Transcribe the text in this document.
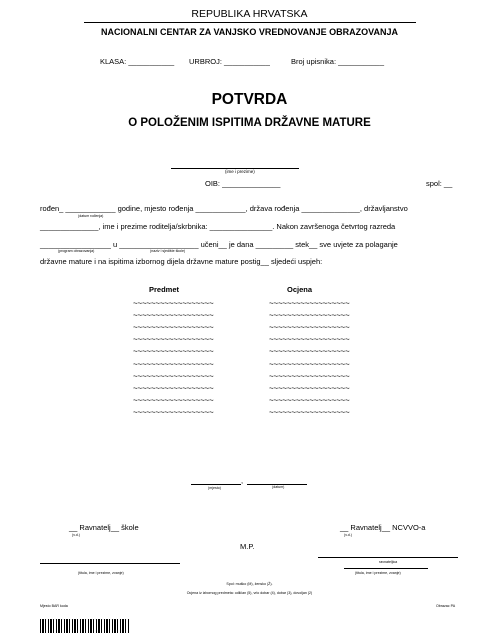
REPUBLIKA HRVATSKA
NACIONALNI CENTAR ZA VANJSKO VREDNOVANJE OBRAZOVANJA
KLASA: ___________ URBROJ: ___________	Broj upisnika: ___________
POTVRDA
O POLOŽENIM ISPITIMA DRŽAVNE MATURE
(ime i prezime)
OIB: ______________	spol: __
rođen_ ____________ godine, mjesto rođenja ____________, država rođenja ______________, državljanstvo
(datum rođenja)
______________, ime i prezime roditelja/skrbnika: _______________. Nakon završenoga četvrtog razreda
_________________ u ___________________ učeni__ je dana _________ stek__ sve uvjete za polaganje
(program obrazovanja)	(naziv i sjedište škole)
državne mature i na ispitima izbornog dijela državne mature postig__ sljedeći uspjeh:
Predmet	Ocjena
~~~~~~~~~~~~~~~~~~	~~~~~~~~~~~~~~~~~~
~~~~~~~~~~~~~~~~~~	~~~~~~~~~~~~~~~~~~
~~~~~~~~~~~~~~~~~~	~~~~~~~~~~~~~~~~~~
~~~~~~~~~~~~~~~~~~	~~~~~~~~~~~~~~~~~~
~~~~~~~~~~~~~~~~~~	~~~~~~~~~~~~~~~~~~
~~~~~~~~~~~~~~~~~~	~~~~~~~~~~~~~~~~~~
~~~~~~~~~~~~~~~~~~	~~~~~~~~~~~~~~~~~~
~~~~~~~~~~~~~~~~~~	~~~~~~~~~~~~~~~~~~
~~~~~~~~~~~~~~~~~~	~~~~~~~~~~~~~~~~~~
~~~~~~~~~~~~~~~~~~	~~~~~~~~~~~~~~~~~~
,
(mjesto)	(datum)
__ Ravnatelj__ škole
(v.d.)
M.P.
__ Ravnatelj__ NCVVO-a
(v.d.)
ravnateljica
(titula, ime i prezime, zvanje)	(titula, ime i prezime, zvanje)
Spol: muško (M), žensko (Ž).
Ocjena iz izbornog predmeta: odličan (5), vrlo dobar (4), dobar (3), dovoljan (2)
Mjesto BAR koda	Obrazac PA
